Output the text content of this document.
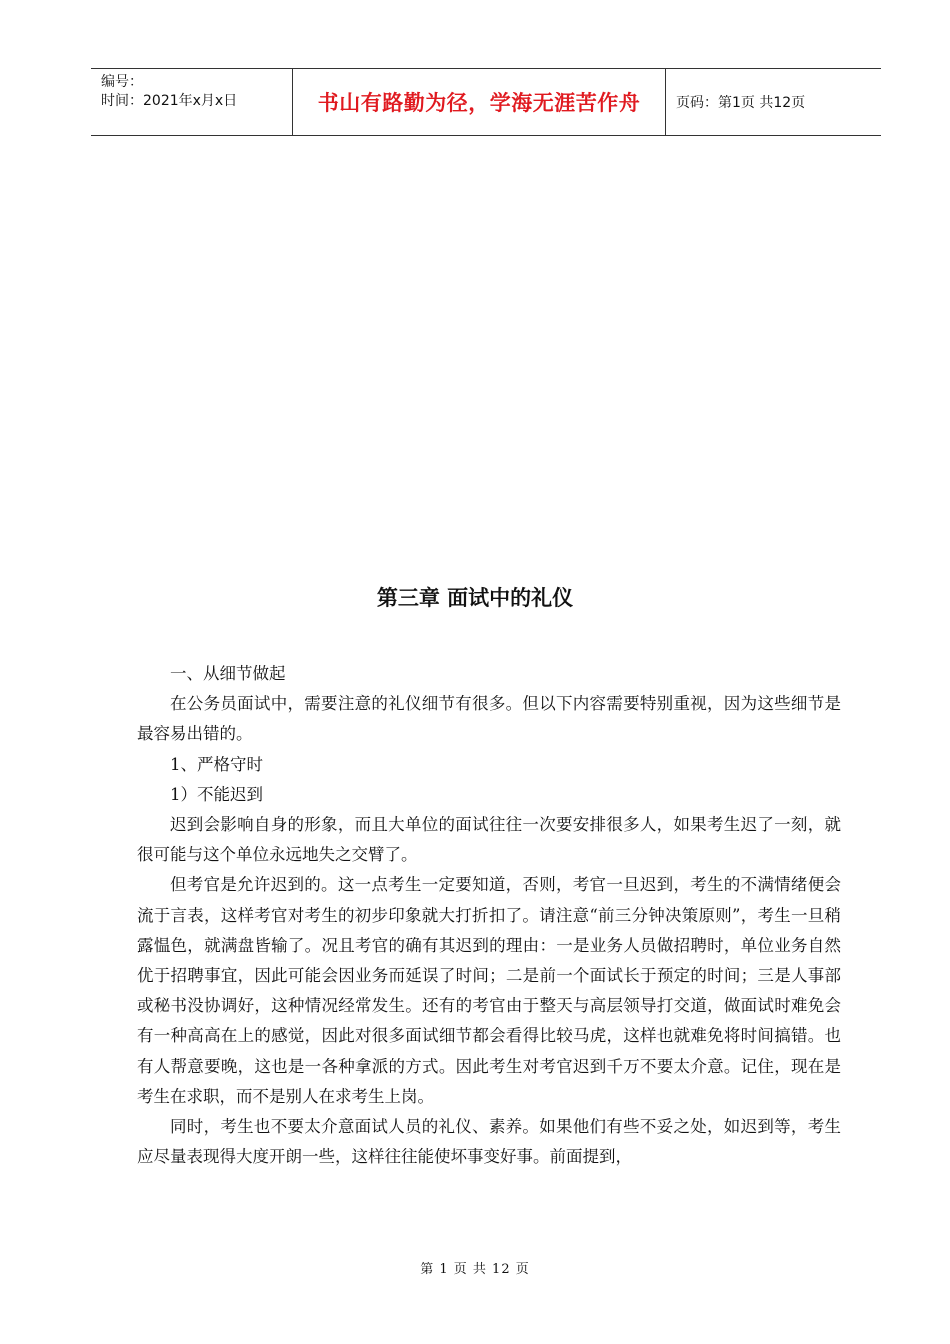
编号：
时间：2021年x月x日	书山有路勤为径，学海无涯苦作舟	页码：第1页 共12页
第三章 面试中的礼仪

一、从细节做起

在公务员面试中，需要注意的礼仪细节有很多。但以下内容需要特别重视，因为这些细节是最容易出错的。

1、严格守时

1）不能迟到

迟到会影响自身的形象，而且大单位的面试往往一次要安排很多人，如果考生迟了一刻，就很可能与这个单位永远地失之交臂了。

但考官是允许迟到的。这一点考生一定要知道，否则，考官一旦迟到，考生的不满情绪便会流于言表，这样考官对考生的初步印象就大打折扣了。请注意“前三分钟决策原则”，考生一旦稍露愠色，就满盘皆输了。况且考官的确有其迟到的理由：一是业务人员做招聘时，单位业务自然优于招聘事宜，因此可能会因业务而延误了时间；二是前一个面试长于预定的时间；三是人事部或秘书没协调好，这种情况经常发生。还有的考官由于整天与高层领导打交道，做面试时难免会有一种高高在上的感觉，因此对很多面试细节都会看得比较马虎，这样也就难免将时间搞错。也有人帮意要晚，这也是一各种拿派的方式。因此考生对考官迟到千万不要太介意。记住，现在是考生在求职，而不是别人在求考生上岗。

同时，考生也不要太介意面试人员的礼仪、素养。如果他们有些不妥之处，如迟到等，考生应尽量表现得大度开朗一些，这样往往能使坏事变好事。前面提到，

第 1 页 共 12 页
